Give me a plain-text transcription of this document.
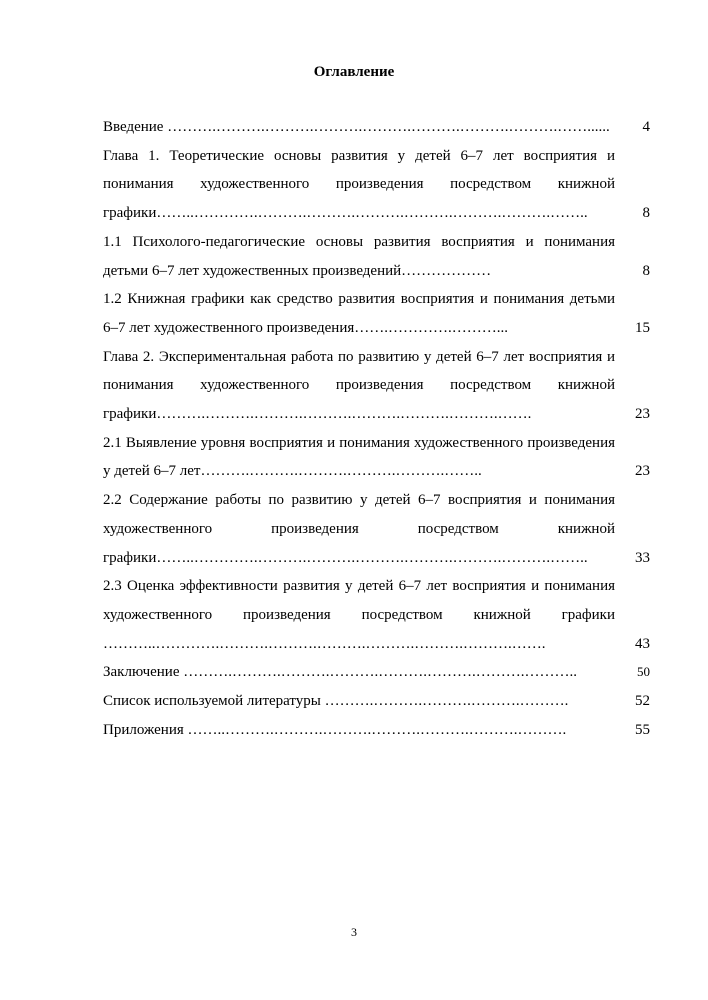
Оглавление
Введение ……….……….……….……….……….……….……….……….……......	4
Глава 1. Теоретические основы развития у детей 6–7 лет восприятия и понимания художественного произведения посредством книжной графики……..………….……….……….……….……….……….……….……..	8
1.1 Психолого-педагогические основы развития восприятия и понимания детьми 6–7 лет художественных произведений………………	8
1.2 Книжная графики как средство развития восприятия и понимания детьми 6–7 лет художественного произведения…….………….………...	15
Глава 2. Экспериментальная работа по развитию у детей 6–7 лет восприятия и понимания художественного произведения посредством книжной графики……….……….……….……….……….……….……….…….	23
2.1 Выявление уровня восприятия и понимания художественного произведения у детей 6–7 лет……….……….……….……….……….……..	23
2.2 Содержание работы по развитию у детей 6–7 восприятия и понимания художественного произведения посредством книжной графики……..………….……….……….……….……….……….……….……..	33
2.3 Оценка эффективности развития у детей 6–7 лет восприятия и понимания художественного произведения посредством книжной графики ………..………….……….……….……….……….……….……….…….	43
Заключение ……….……….……….……….……….……….……….………..	50
Список используемой литературы ……….……….……….……….……….	52
Приложения ……..……….……….……….……….……….……….……….	55
3
